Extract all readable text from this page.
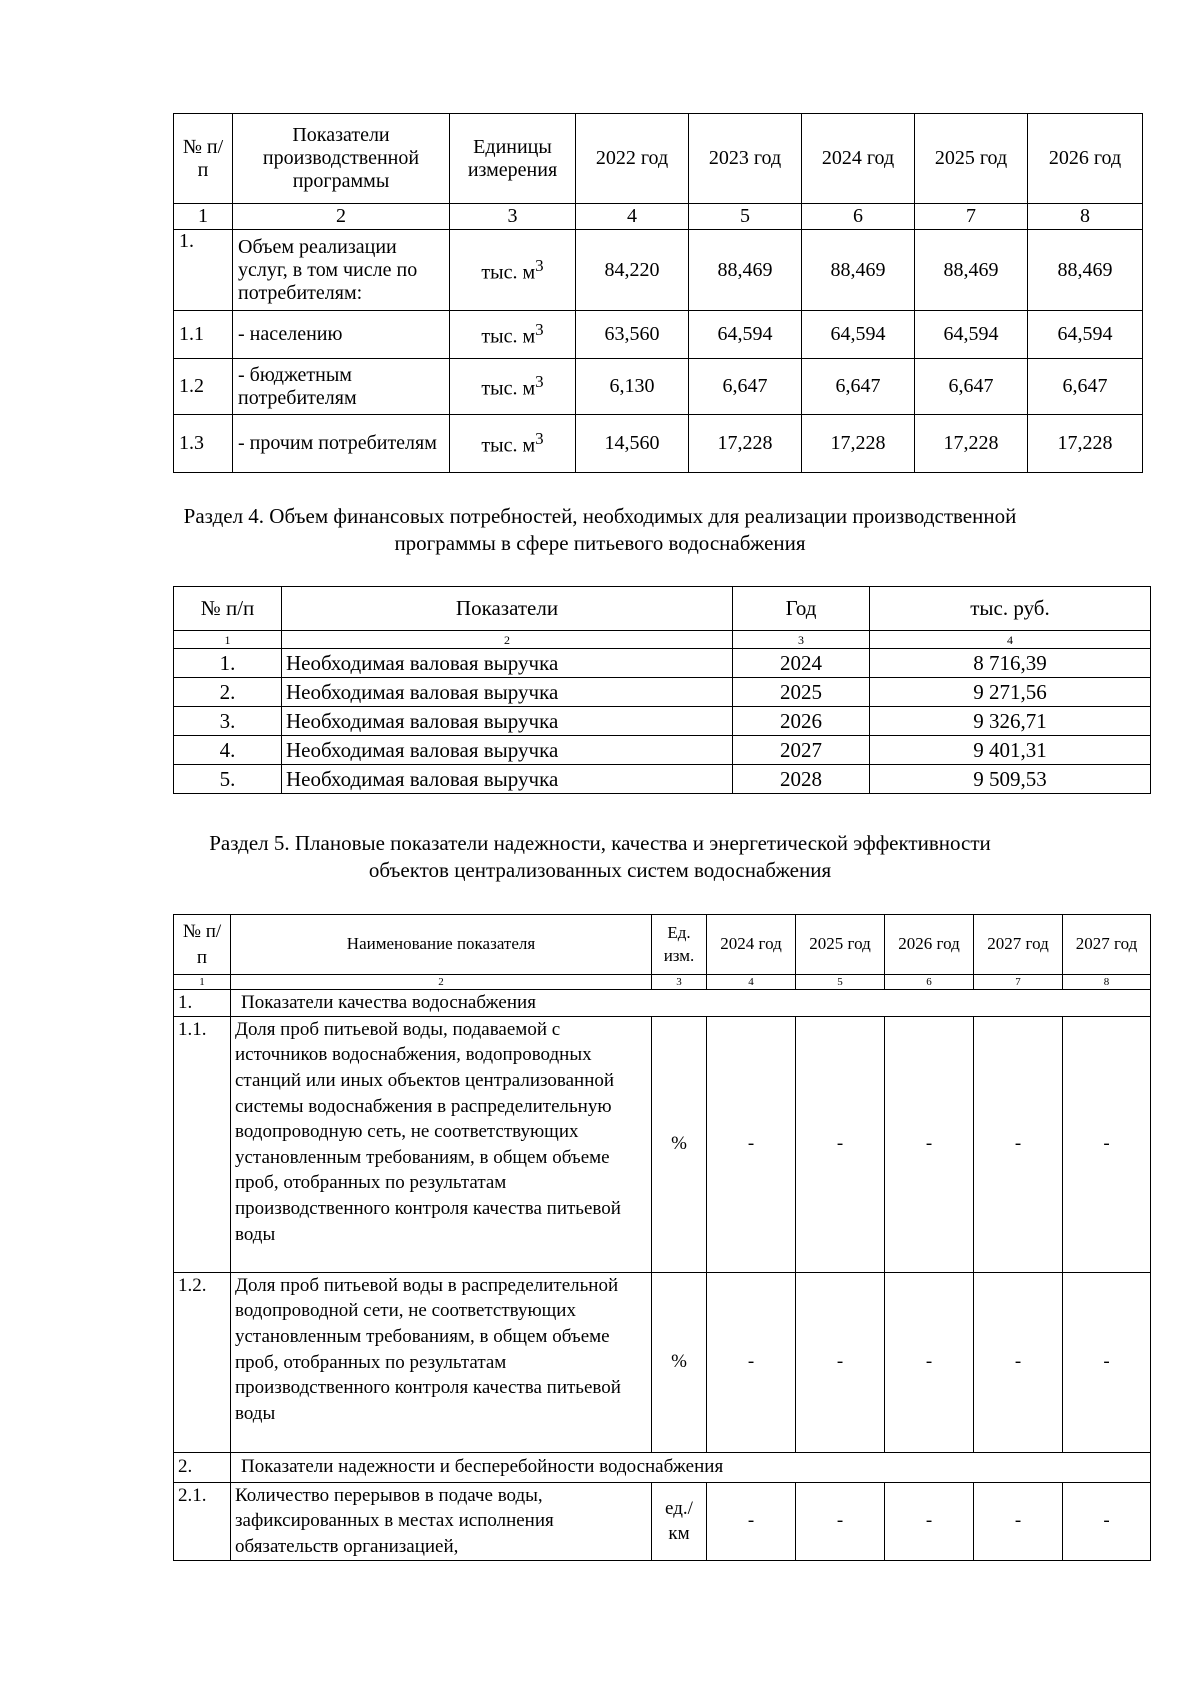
№ п/п	Показатели производственной программы	Единицы измерения	2022 год	2023 год	2024 год	2025 год	2026 год
1	2	3	4	5	6	7	8
1.	Объем реализации услуг, в том числе по потребителям:	тыс. $м^3$	84,220	88,469	88,469	88,469	88,469
1.1	- населению	тыс. $м^3$	63,560	64,594	64,594	64,594	64,594
1.2	- бюджетным потребителям	тыс. $м^3$	6,130	6,647	6,647	6,647	6,647
1.3	- прочим потребителям	тыс. $м^3$	14,560	17,228	17,228	17,228	17,228
Раздел 4. Объем финансовых потребностей, необходимых для реализации производственной
программы в сфере питьевого водоснабжения
№ п/п	Показатели	Год	тыс. руб.
1	2	3	4
1.	Необходимая валовая выручка	2024	8 716,39
2.	Необходимая валовая выручка	2025	9 271,56
3.	Необходимая валовая выручка	2026	9 326,71
4.	Необходимая валовая выручка	2027	9 401,31
5.	Необходимая валовая выручка	2028	9 509,53
Раздел 5. Плановые показатели надежности, качества и энергетической эффективности
объектов централизованных систем водоснабжения
№ п/п	Наименование показателя	Ед. изм.	2024 год	2025 год	2026 год	2027 год	2027 год
1	2	3	4	5	6	7	8
1.	Показатели качества водоснабжения						
1.1.	Доля проб питьевой воды, подаваемой с источников водоснабжения, водопроводных станций или иных объектов централизованной системы водоснабжения в распределительную водопроводную сеть, не соответствующих установленным требованиям, в общем объеме проб, отобранных по результатам производственного контроля качества питьевой воды	%	-	-	-	-	-
1.2.	Доля проб питьевой воды в распределительной водопроводной сети, не соответствующих установленным требованиям, в общем объеме проб, отобранных по результатам производственного контроля качества питьевой воды	%	-	-	-	-	-
2.	Показатели надежности и бесперебойности водоснабжения						
2.1.	Количество перерывов в подаче воды, зафиксированных в местах исполнения обязательств организацией,	ед./ км	-	-	-	-	-
